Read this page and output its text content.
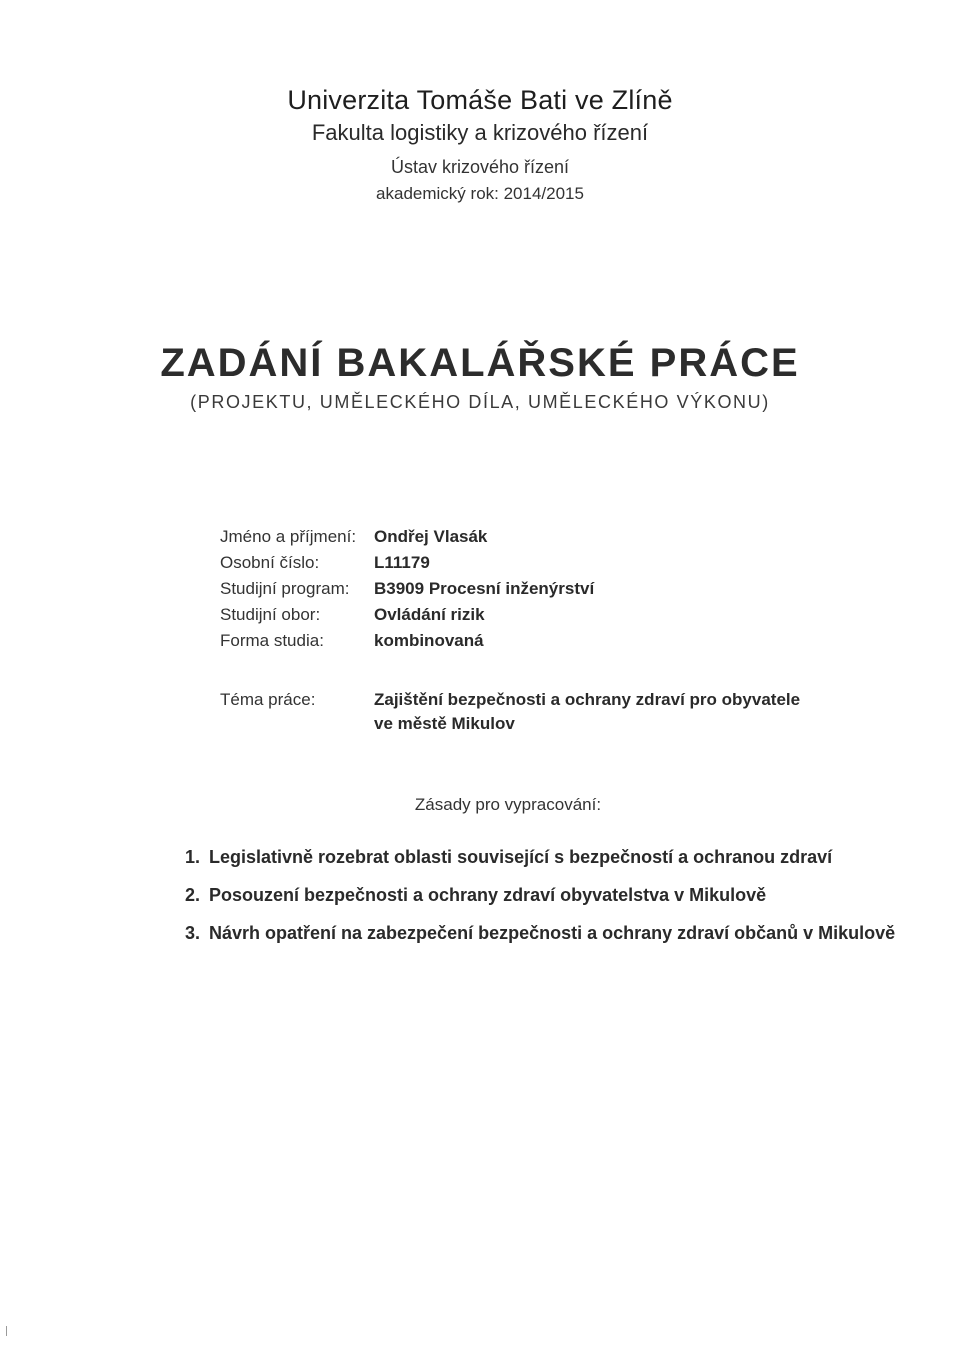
Univerzita Tomáše Bati ve Zlíně
Fakulta logistiky a krizového řízení
Ústav krizového řízení
akademický rok: 2014/2015
ZADÁNÍ BAKALÁŘSKÉ PRÁCE
(PROJEKTU, UMĚLECKÉHO DÍLA, UMĚLECKÉHO VÝKONU)
Jméno a příjmení:	Ondřej Vlasák
Osobní číslo:	L11179
Studijní program:	B3909 Procesní inženýrství
Studijní obor:	Ovládání rizik
Forma studia:	kombinovaná
Téma práce:	Zajištění bezpečnosti a ochrany zdraví pro obyvatele ve městě Mikulov
Zásady pro vypracování:
1. Legislativně rozebrat oblasti související s bezpečností a ochranou zdraví
2. Posouzení bezpečnosti a ochrany zdraví obyvatelstva v Mikulově
3. Návrh opatření na zabezpečení bezpečnosti a ochrany zdraví občanů v Mikulově
